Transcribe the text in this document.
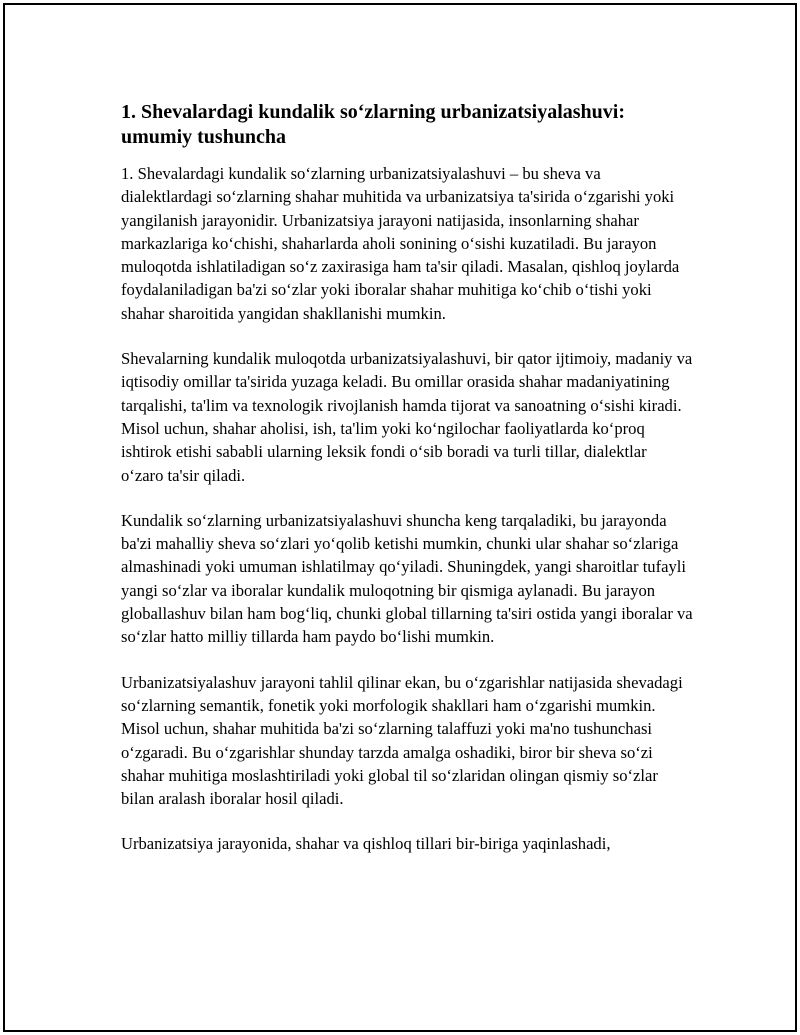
1. Shevalardagi kundalik so‘zlarning urbanizatsiyalashuvi: umumiy tushuncha

1. Shevalardagi kundalik so‘zlarning urbanizatsiyalashuvi – bu sheva va dialektlardagi so‘zlarning shahar muhitida va urbanizatsiya ta'sirida o‘zgarishi yoki yangilanish jarayonidir. Urbanizatsiya jarayoni natijasida, insonlarning shahar markazlariga ko‘chishi, shaharlarda aholi sonining o‘sishi kuzatiladi. Bu jarayon muloqotda ishlatiladigan so‘z zaxirasiga ham ta'sir qiladi. Masalan, qishloq joylarda foydalaniladigan ba'zi so‘zlar yoki iboralar shahar muhitiga ko‘chib o‘tishi yoki shahar sharoitida yangidan shakllanishi mumkin.

Shevalarning kundalik muloqotda urbanizatsiyalashuvi, bir qator ijtimoiy, madaniy va iqtisodiy omillar ta'sirida yuzaga keladi. Bu omillar orasida shahar madaniyatining tarqalishi, ta'lim va texnologik rivojlanish hamda tijorat va sanoatning o‘sishi kiradi. Misol uchun, shahar aholisi, ish, ta'lim yoki ko‘ngilochar faoliyatlarda ko‘proq ishtirok etishi sababli ularning leksik fondi o‘sib boradi va turli tillar, dialektlar o‘zaro ta'sir qiladi.

Kundalik so‘zlarning urbanizatsiyalashuvi shuncha keng tarqaladiki, bu jarayonda ba'zi mahalliy sheva so‘zlari yo‘qolib ketishi mumkin, chunki ular shahar so‘zlariga almashinadi yoki umuman ishlatilmay qo‘yiladi. Shuningdek, yangi sharoitlar tufayli yangi so‘zlar va iboralar kundalik muloqotning bir qismiga aylanadi. Bu jarayon globallashuv bilan ham bog‘liq, chunki global tillarning ta'siri ostida yangi iboralar va so‘zlar hatto milliy tillarda ham paydo bo‘lishi mumkin.

Urbanizatsiyalashuv jarayoni tahlil qilinar ekan, bu o‘zgarishlar natijasida shevadagi so‘zlarning semantik, fonetik yoki morfologik shakllari ham o‘zgarishi mumkin. Misol uchun, shahar muhitida ba'zi so‘zlarning talaffuzi yoki ma'no tushunchasi o‘zgaradi. Bu o‘zgarishlar shunday tarzda amalga oshadiki, biror bir sheva so‘zi shahar muhitiga moslashtiriladi yoki global til so‘zlaridan olingan qismiy so‘zlar bilan aralash iboralar hosil qiladi.

Urbanizatsiya jarayonida, shahar va qishloq tillari bir-biriga yaqinlashadi,
